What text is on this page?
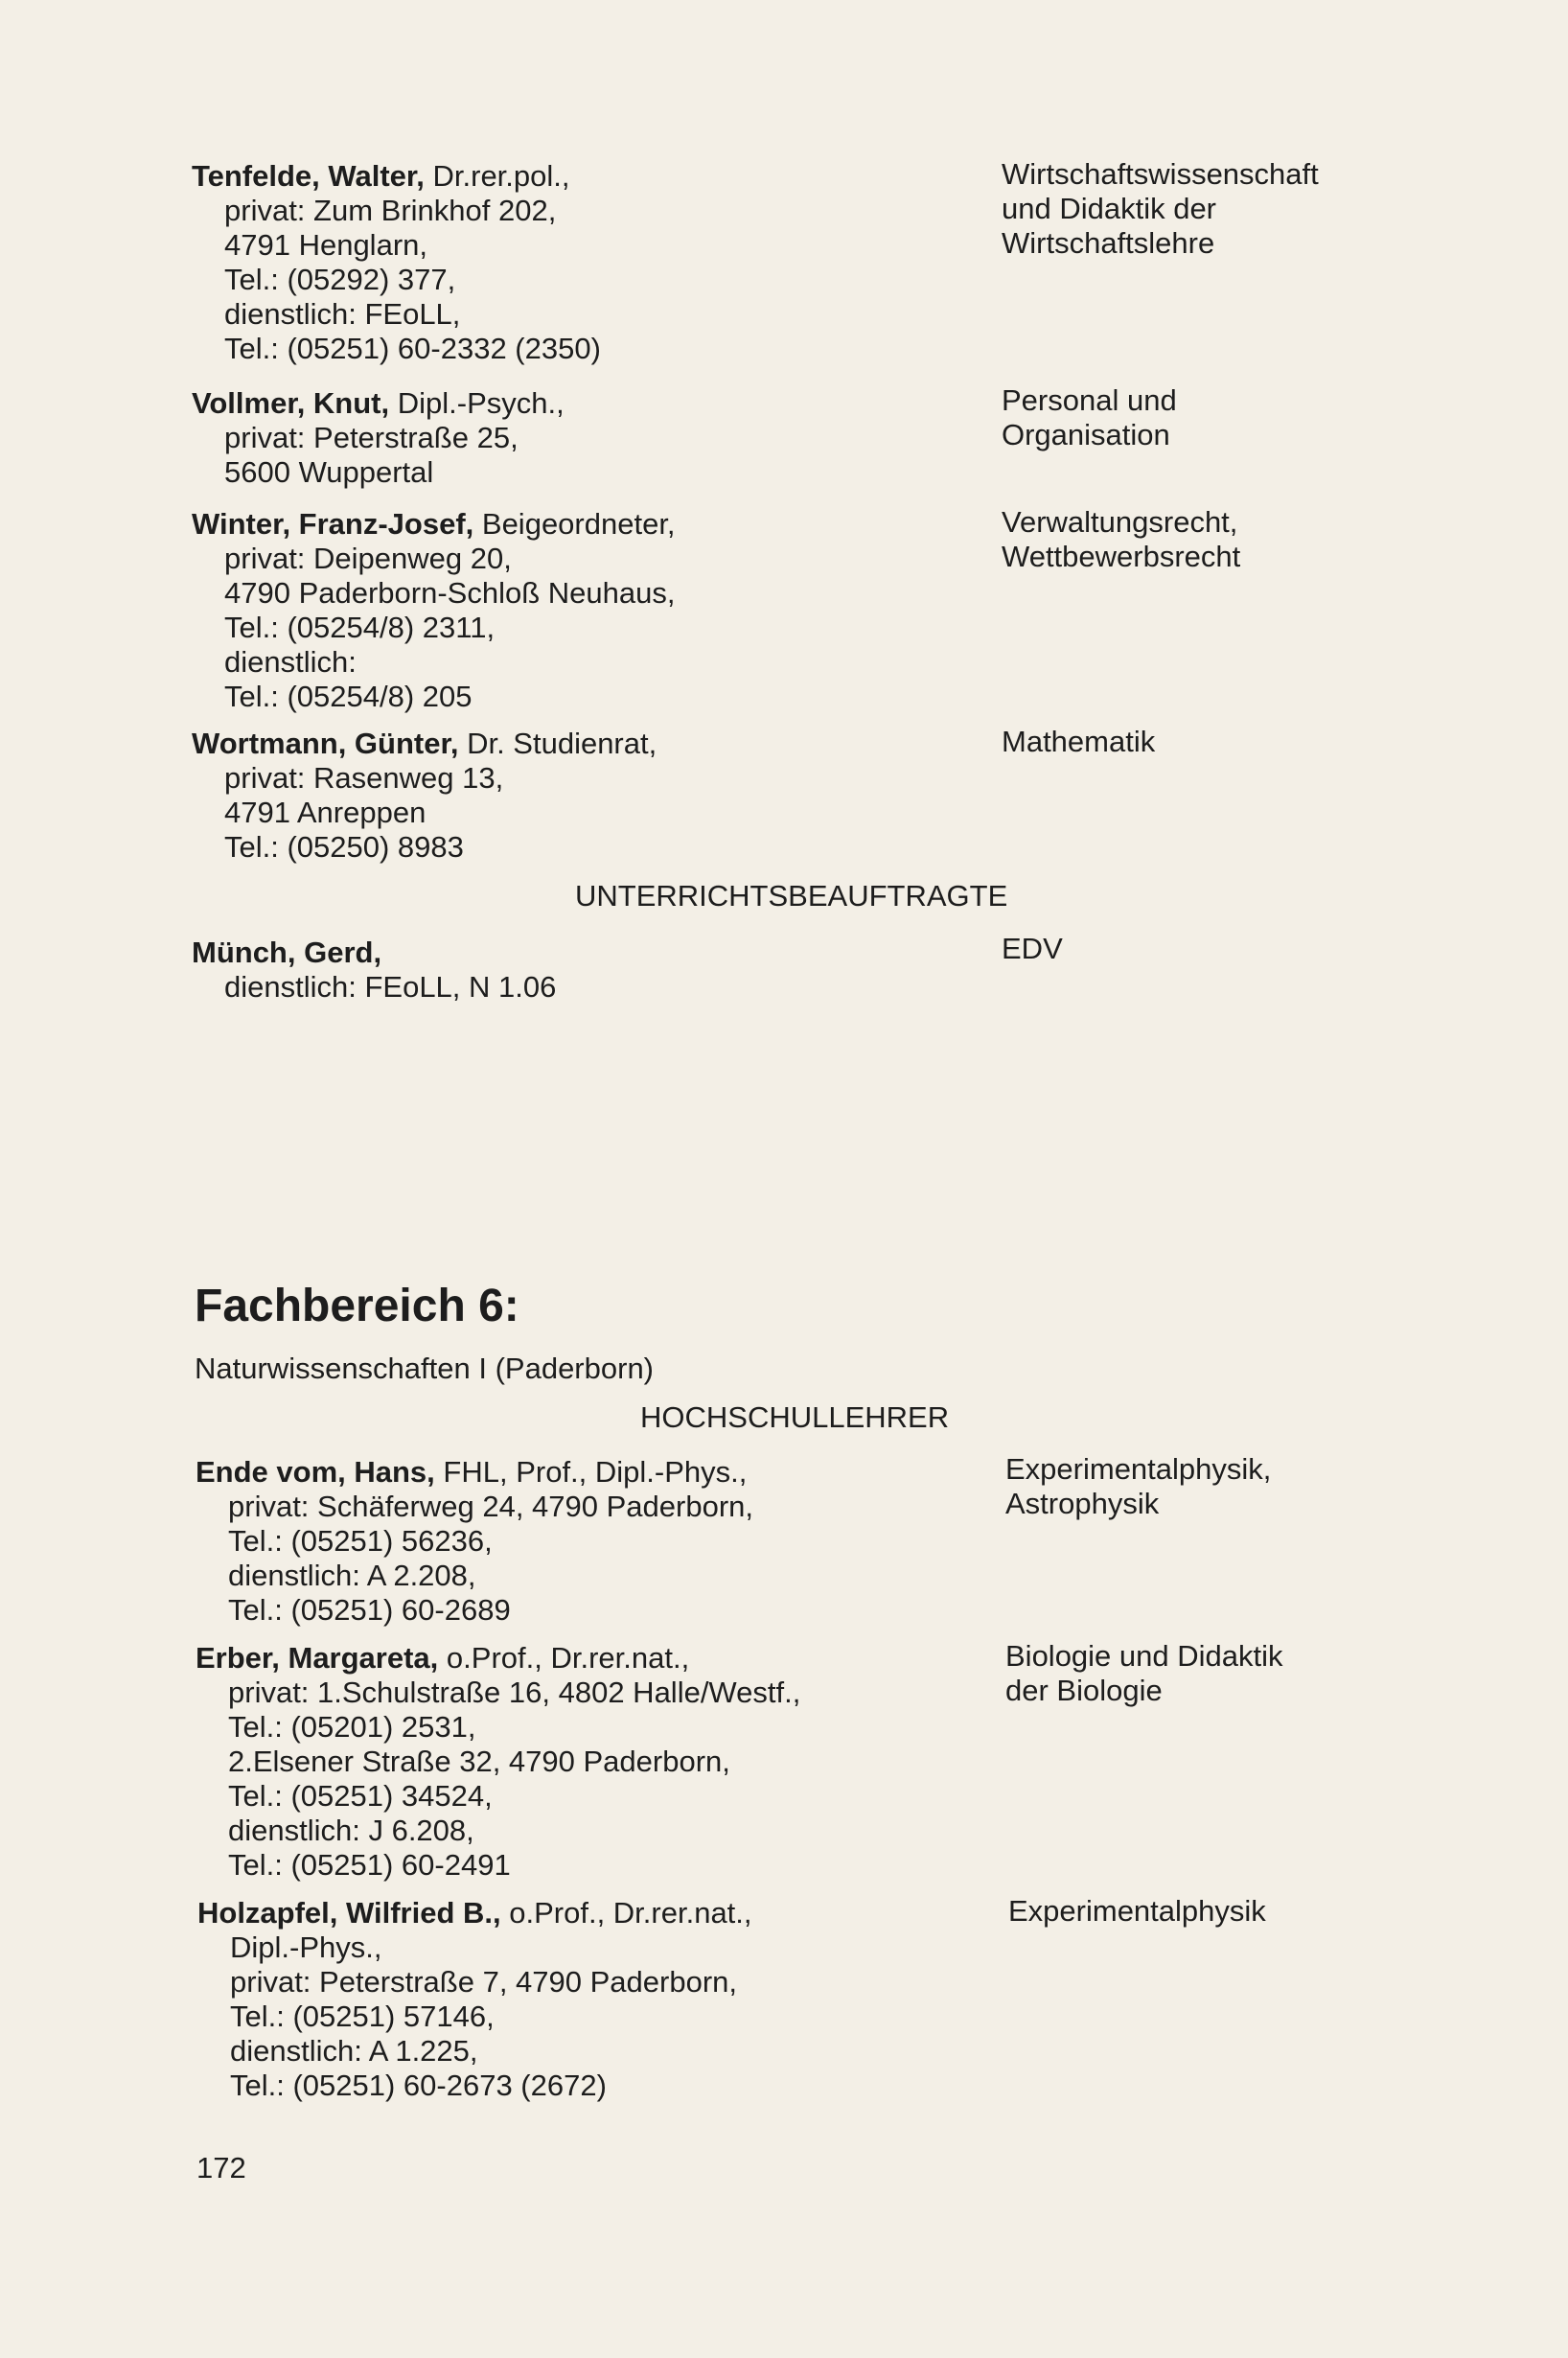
Tenfelde, Walter, Dr.rer.pol.,
privat: Zum Brinkhof 202,
4791 Henglarn,
Tel.: (05292) 377,
dienstlich: FEoLL,
Tel.: (05251) 60-2332 (2350)
Wirtschaftswissenschaft
und Didaktik der
Wirtschaftslehre
Vollmer, Knut, Dipl.-Psych.,
privat: Peterstraße 25,
5600 Wuppertal
Personal und
Organisation
Winter, Franz-Josef, Beigeordneter,
privat: Deipenweg 20,
4790 Paderborn-Schloß Neuhaus,
Tel.: (05254/8) 2311,
dienstlich:
Tel.: (05254/8) 205
Verwaltungsrecht,
Wettbewerbsrecht
Wortmann, Günter, Dr. Studienrat,
privat: Rasenweg 13,
4791 Anreppen
Tel.: (05250) 8983
Mathematik
UNTERRICHTSBEAUFTRAGTE
Münch, Gerd,
dienstlich: FEoLL, N 1.06
EDV
Fachbereich 6:
Naturwissenschaften I (Paderborn)
HOCHSCHULLEHRER
Ende vom, Hans, FHL, Prof., Dipl.-Phys.,
privat: Schäferweg 24, 4790 Paderborn,
Tel.: (05251) 56236,
dienstlich: A 2.208,
Tel.: (05251) 60-2689
Experimentalphysik,
Astrophysik
Erber, Margareta, o.Prof., Dr.rer.nat.,
privat: 1.Schulstraße 16, 4802 Halle/Westf.,
Tel.: (05201) 2531,
2.Elsener Straße 32, 4790 Paderborn,
Tel.: (05251) 34524,
dienstlich: J 6.208,
Tel.: (05251) 60-2491
Biologie und Didaktik
der Biologie
Holzapfel, Wilfried B., o.Prof., Dr.rer.nat.,
Dipl.-Phys.,
privat: Peterstraße 7, 4790 Paderborn,
Tel.: (05251) 57146,
dienstlich: A 1.225,
Tel.: (05251) 60-2673 (2672)
Experimentalphysik
172
